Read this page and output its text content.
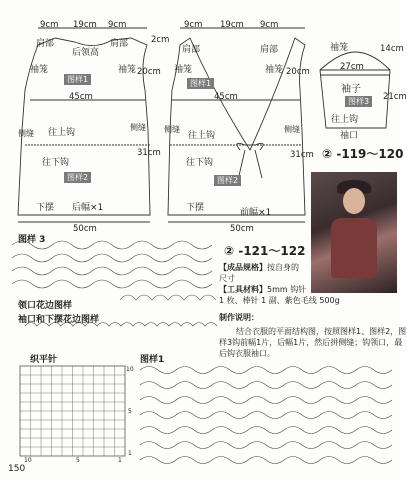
9cm 19cm 9cm
肩部
后领高
肩部	2cm
袖笼	袖笼 20cm
图样1
45cm
侧缝
侧缝
往上钩
往下钩
31cm
图样2
下摆 后幅×1
50cm
9cm 19cm 9cm
肩部	肩部
袖笼	袖笼 20cm
图样1
45cm
侧缝	侧缝
往上钩
往下钩
31cm
图样2
下摆	前幅×1
50cm
袖笼	14cm
27cm
袖子
21cm
图样3
往上钩
袖口
② -119～120
图样 3
领口花边图样
袖口和下摆花边图样
② -121～122
【成品规格】按自身的
尺寸
【工具材料】5mm 钩针
1 枚、棒针 1 副、紫色毛线 500g
制作说明：
结合衣服的平面结构图，按照图样1、图样2，图
样3钩前幅1片，后幅1片，然后拼侧缝；钩领口，最
后钩衣服袖口。
织平针	图样1
10
5
1
10	5	1
150
